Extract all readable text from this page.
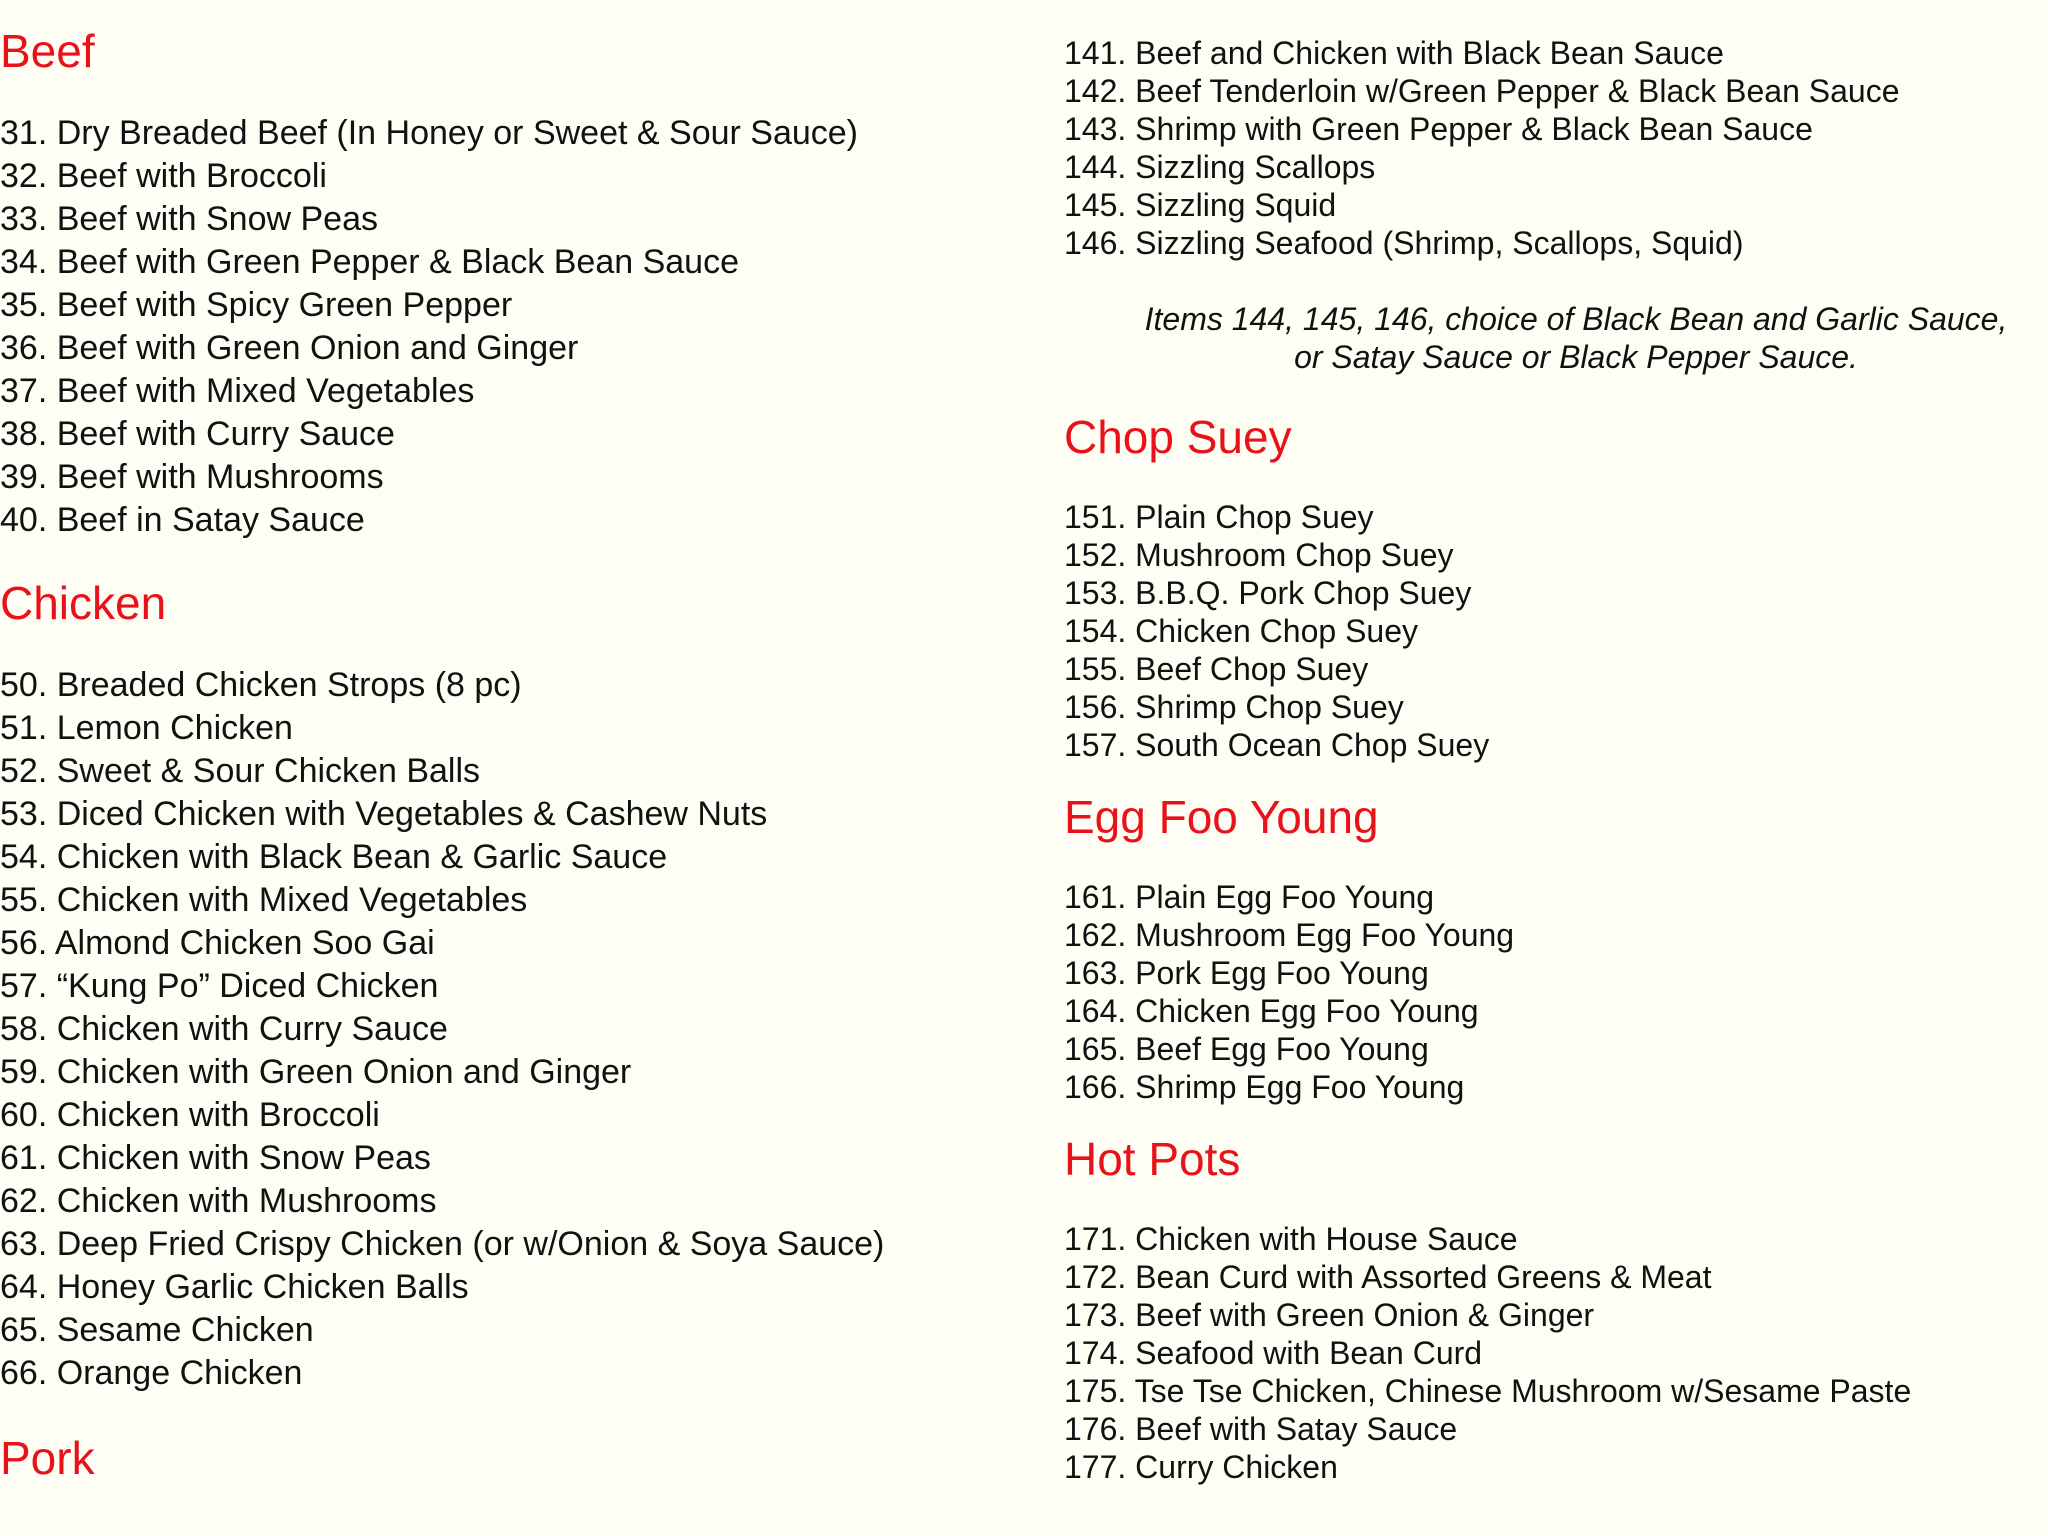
Beef
31. Dry Breaded Beef (In Honey or Sweet & Sour Sauce)
32. Beef with Broccoli
33. Beef with Snow Peas
34. Beef with Green Pepper & Black Bean Sauce
35. Beef with Spicy Green Pepper
36. Beef with Green Onion and Ginger
37. Beef with Mixed Vegetables
38. Beef with Curry Sauce
39. Beef with Mushrooms
40. Beef in Satay Sauce
Chicken
50. Breaded Chicken Strops (8 pc)
51. Lemon Chicken
52. Sweet & Sour Chicken Balls
53. Diced Chicken with Vegetables & Cashew Nuts
54. Chicken with Black Bean & Garlic Sauce
55. Chicken with Mixed Vegetables
56. Almond Chicken Soo Gai
57. “Kung Po” Diced Chicken
58. Chicken with Curry Sauce
59. Chicken with Green Onion and Ginger
60. Chicken with Broccoli
61. Chicken with Snow Peas
62. Chicken with Mushrooms
63. Deep Fried Crispy Chicken (or w/Onion & Soya Sauce)
64. Honey Garlic Chicken Balls
65. Sesame Chicken
66. Orange Chicken
Pork
141. Beef and Chicken with Black Bean Sauce
142. Beef Tenderloin w/Green Pepper & Black Bean Sauce
143. Shrimp with Green Pepper & Black Bean Sauce
144. Sizzling Scallops
145. Sizzling Squid
146. Sizzling Seafood (Shrimp, Scallops, Squid)
Items 144, 145, 146, choice of Black Bean and Garlic Sauce,
or Satay Sauce or Black Pepper Sauce.
Chop Suey
151. Plain Chop Suey
152. Mushroom Chop Suey
153. B.B.Q. Pork Chop Suey
154. Chicken Chop Suey
155. Beef Chop Suey
156. Shrimp Chop Suey
157. South Ocean Chop Suey
Egg Foo Young
161. Plain Egg Foo Young
162. Mushroom Egg Foo Young
163. Pork Egg Foo Young
164. Chicken Egg Foo Young
165. Beef Egg Foo Young
166. Shrimp Egg Foo Young
Hot Pots
171. Chicken with House Sauce
172. Bean Curd with Assorted Greens & Meat
173. Beef with Green Onion & Ginger
174. Seafood with Bean Curd
175. Tse Tse Chicken, Chinese Mushroom w/Sesame Paste
176. Beef with Satay Sauce
177. Curry Chicken
